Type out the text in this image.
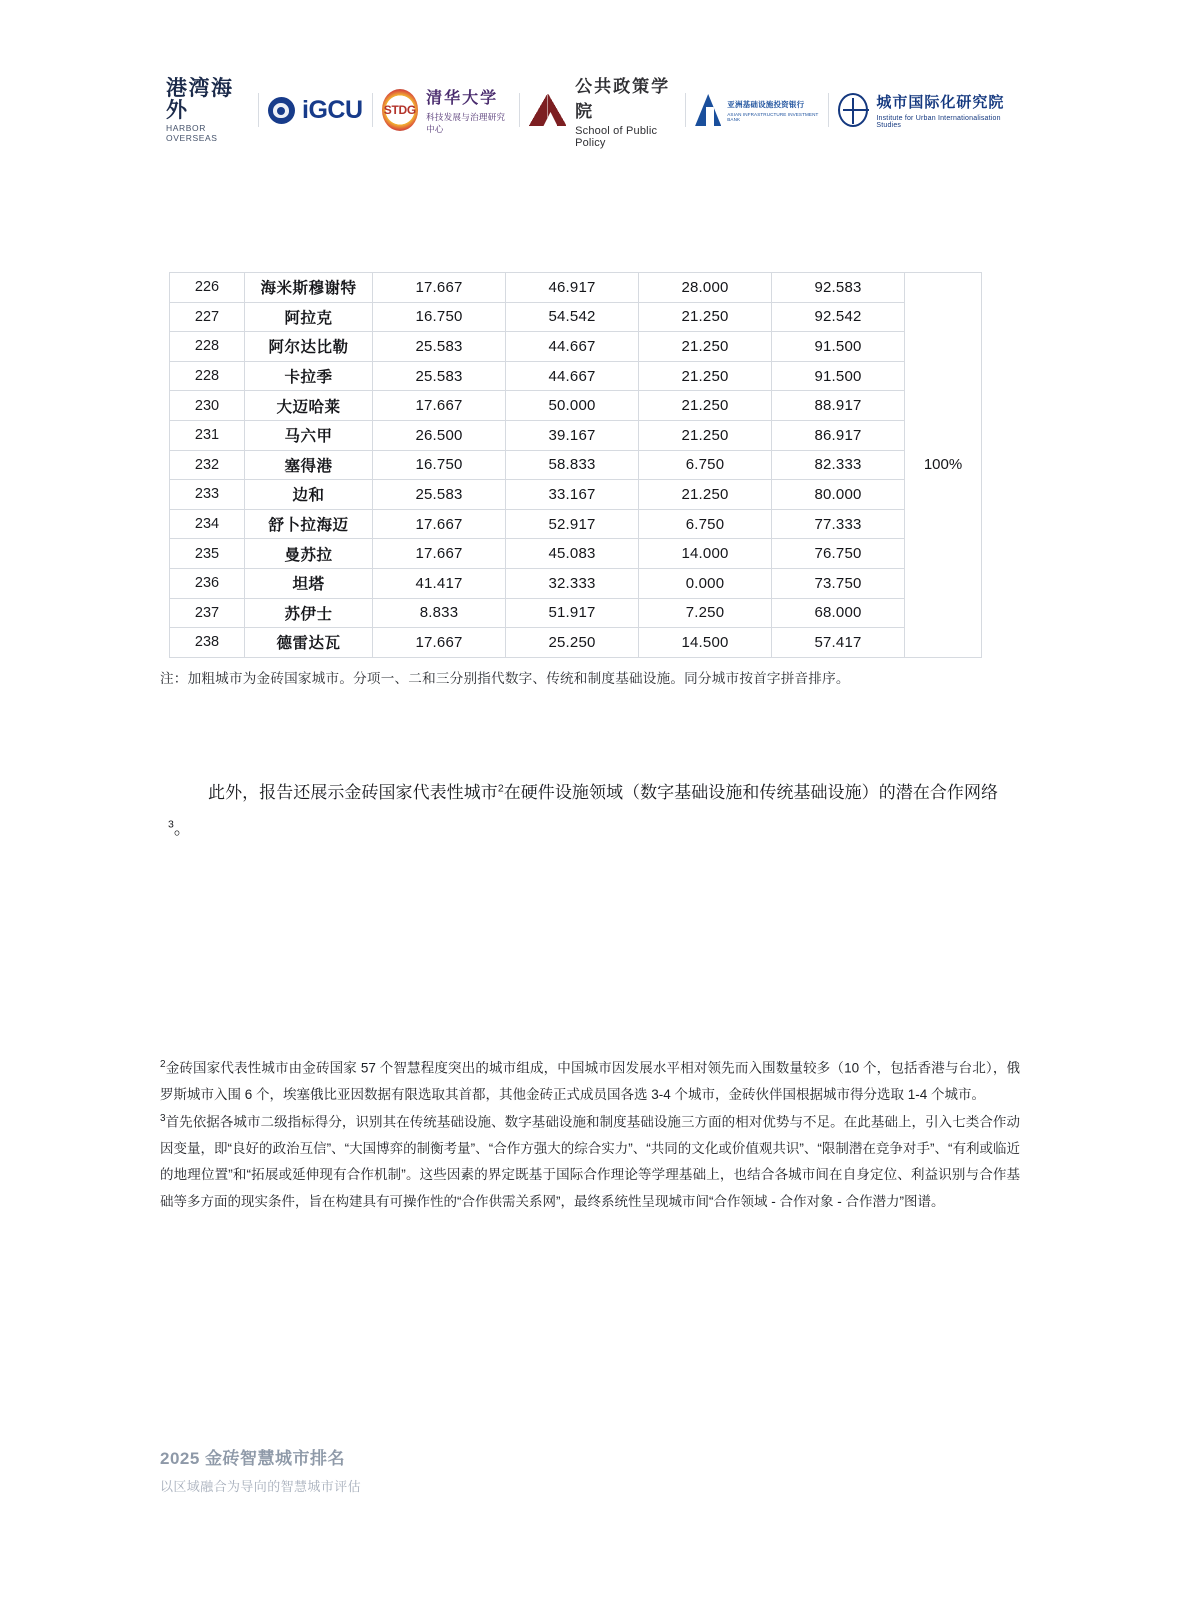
港湾海外
HARBOR OVERSEAS
iGCU STDG
清华大学
科技发展与治理研究中心
公共政策学院
School of Public Policy
亚洲基础设施投资银行
ASIAN INFRASTRUCTURE INVESTMENT BANK
城市国际化研究院
Institute for Urban Internationalisation Studies
226	海米斯穆谢特	17.667	46.917	28.000	92.583	100%
227	阿拉克	16.750	54.542	21.250	92.542	
228	阿尔达比勒	25.583	44.667	21.250	91.500	
228	卡拉季	25.583	44.667	21.250	91.500	
230	大迈哈莱	17.667	50.000	21.250	88.917	
231	马六甲	26.500	39.167	21.250	86.917	
232	塞得港	16.750	58.833	6.750	82.333	
233	边和	25.583	33.167	21.250	80.000	
234	舒卜拉海迈	17.667	52.917	6.750	77.333	
235	曼苏拉	17.667	45.083	14.000	76.750	
236	坦塔	41.417	32.333	0.000	73.750	
237	苏伊士	8.833	51.917	7.250	68.000	
238	德雷达瓦	17.667	25.250	14.500	57.417	
注：加粗城市为金砖国家城市。分项一、二和三分别指代数字、传统和制度基础设施。同分城市按首字拼音排序。
此外，报告还展示金砖国家代表性城市$^2$在硬件设施领域（数字基础设施和传统基础设施）的潜在合作网络$^3$。
$^2$金砖国家代表性城市由金砖国家 57 个智慧程度突出的城市组成，中国城市因发展水平相对领先而入围数量较多（10 个，包括香港与台北），俄罗斯城市入围 6 个，埃塞俄比亚因数据有限选取其首都，其他金砖正式成员国各选 3-4 个城市，金砖伙伴国根据城市得分选取 1-4 个城市。
$^3$首先依据各城市二级指标得分，识别其在传统基础设施、数字基础设施和制度基础设施三方面的相对优势与不足。在此基础上，引入七类合作动因变量，即“良好的政治互信”、“大国博弈的制衡考量”、“合作方强大的综合实力”、“共同的文化或价值观共识”、“限制潜在竞争对手”、“有利或临近的地理位置”和“拓展或延伸现有合作机制”。这些因素的界定既基于国际合作理论等学理基础上，也结合各城市间在自身定位、利益识别与合作基础等多方面的现实条件，旨在构建具有可操作性的“合作供需关系网”，最终系统性呈现城市间“合作领域 - 合作对象 - 合作潜力”图谱。
2025 金砖智慧城市排名
以区域融合为导向的智慧城市评估
